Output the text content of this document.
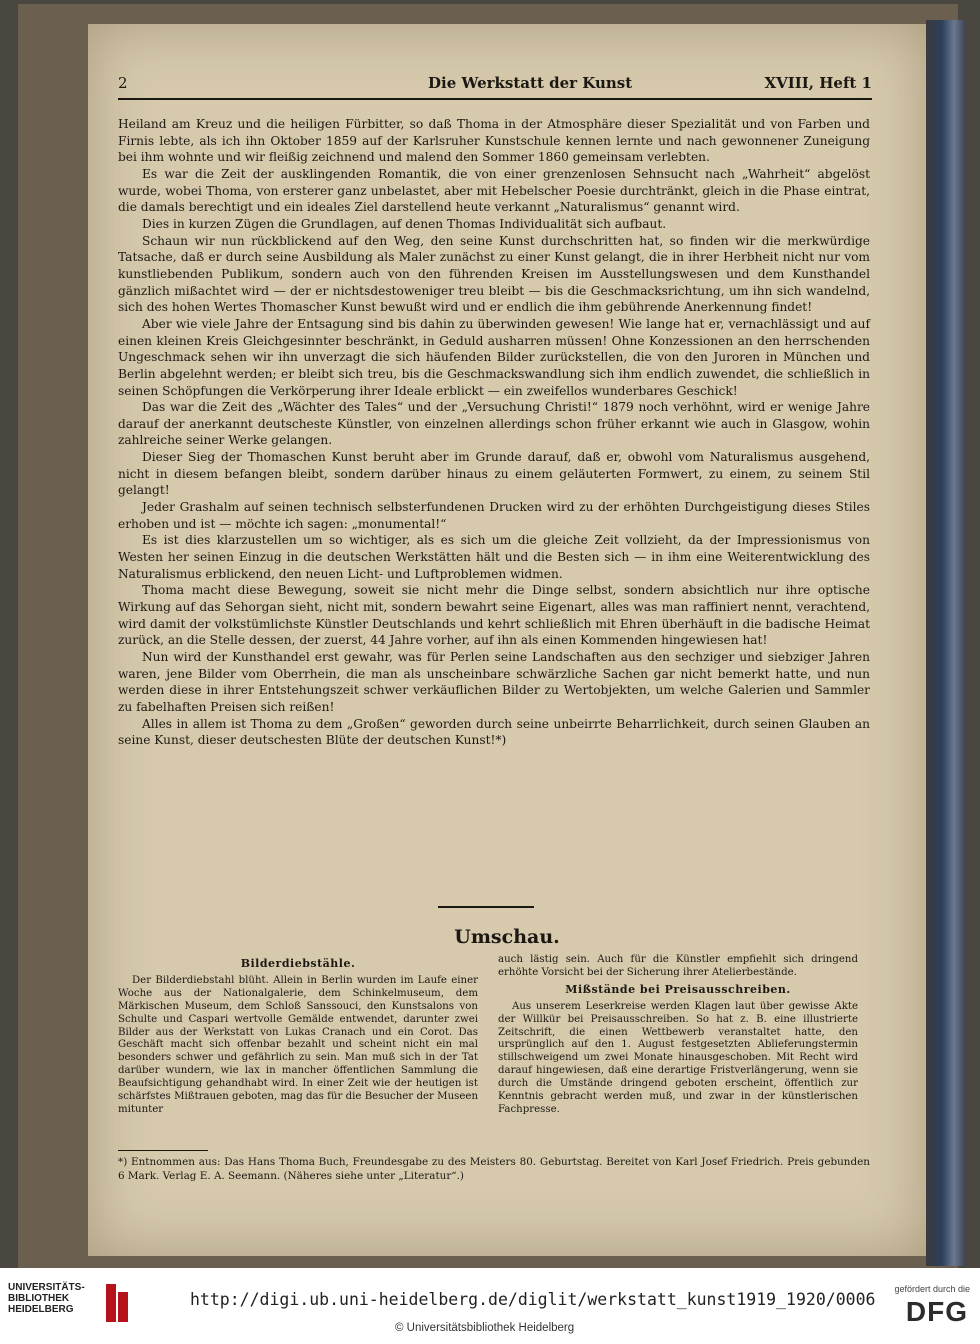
2	Die Werkstatt der Kunst	XVIII, Heft 1

Heiland am Kreuz und die heiligen Fürbitter, so daß Thoma in der Atmosphäre dieser Spezialität und von Farben und Firnis lebte, als ich ihn Oktober 1859 auf der Karlsruher Kunstschule kennen lernte und nach gewonnener Zuneigung bei ihm wohnte und wir fleißig zeichnend und malend den Sommer 1860 gemeinsam verlebten.

Es war die Zeit der ausklingenden Romantik, die von einer grenzenlosen Sehnsucht nach „Wahrheit“ abgelöst wurde, wobei Thoma, von ersterer ganz unbelastet, aber mit Hebelscher Poesie durchtränkt, gleich in die Phase eintrat, die damals berechtigt und ein ideales Ziel darstellend heute verkannt „Naturalismus“ genannt wird.

Dies in kurzen Zügen die Grundlagen, auf denen Thomas Individualität sich aufbaut.

Schaun wir nun rückblickend auf den Weg, den seine Kunst durchschritten hat, so finden wir die merkwürdige Tatsache, daß er durch seine Ausbildung als Maler zunächst zu einer Kunst gelangt, die in ihrer Herbheit nicht nur vom kunstliebenden Publikum, sondern auch von den führenden Kreisen im Ausstellungswesen und dem Kunsthandel gänzlich mißachtet wird — der er nichtsdestoweniger treu bleibt — bis die Geschmacksrichtung, um ihn sich wandelnd, sich des hohen Wertes Thomascher Kunst bewußt wird und er endlich die ihm gebührende Anerkennung findet!

Aber wie viele Jahre der Entsagung sind bis dahin zu überwinden gewesen! Wie lange hat er, vernachlässigt und auf einen kleinen Kreis Gleichgesinnter beschränkt, in Geduld ausharren müssen! Ohne Konzessionen an den herrschenden Ungeschmack sehen wir ihn unverzagt die sich häufenden Bilder zurückstellen, die von den Juroren in München und Berlin abgelehnt werden; er bleibt sich treu, bis die Geschmackswandlung sich ihm endlich zuwendet, die schließlich in seinen Schöpfungen die Verkörperung ihrer Ideale erblickt — ein zweifellos wunderbares Geschick!

Das war die Zeit des „Wächter des Tales“ und der „Versuchung Christi!“ 1879 noch verhöhnt, wird er wenige Jahre darauf der anerkannt deutscheste Künstler, von einzelnen allerdings schon früher erkannt wie auch in Glasgow, wohin zahlreiche seiner Werke gelangen.

Dieser Sieg der Thomaschen Kunst beruht aber im Grunde darauf, daß er, obwohl vom Naturalismus ausgehend, nicht in diesem befangen bleibt, sondern darüber hinaus zu einem geläuterten Formwert, zu einem, zu seinem Stil gelangt!

Jeder Grashalm auf seinen technisch selbsterfundenen Drucken wird zu der erhöhten Durchgeistigung dieses Stiles erhoben und ist — möchte ich sagen: „monumental!“

Es ist dies klarzustellen um so wichtiger, als es sich um die gleiche Zeit vollzieht, da der Impressionismus von Westen her seinen Einzug in die deutschen Werkstätten hält und die Besten sich — in ihm eine Weiterentwicklung des Naturalismus erblickend, den neuen Licht- und Luftproblemen widmen.

Thoma macht diese Bewegung, soweit sie nicht mehr die Dinge selbst, sondern absichtlich nur ihre optische Wirkung auf das Sehorgan sieht, nicht mit, sondern bewahrt seine Eigenart, alles was man raffiniert nennt, verachtend, wird damit der volkstümlichste Künstler Deutschlands und kehrt schließlich mit Ehren überhäuft in die badische Heimat zurück, an die Stelle dessen, der zuerst, 44 Jahre vorher, auf ihn als einen Kommenden hingewiesen hat!

Nun wird der Kunsthandel erst gewahr, was für Perlen seine Landschaften aus den sechziger und siebziger Jahren waren, jene Bilder vom Oberrhein, die man als unscheinbare schwärzliche Sachen gar nicht bemerkt hatte, und nun werden diese in ihrer Entstehungszeit schwer verkäuflichen Bilder zu Wertobjekten, um welche Galerien und Sammler zu fabelhaften Preisen sich reißen!

Alles in allem ist Thoma zu dem „Großen“ geworden durch seine unbeirrte Beharrlichkeit, durch seinen Glauben an seine Kunst, dieser deutschesten Blüte der deutschen Kunst!*)

Umschau.
Bilderdiebstähle.

Der Bilderdiebstahl blüht. Allein in Berlin wurden im Laufe einer Woche aus der Nationalgalerie, dem Schinkelmuseum, dem Märkischen Museum, dem Schloß Sanssouci, den Kunstsalons von Schulte und Caspari wertvolle Gemälde entwendet, darunter zwei Bilder aus der Werkstatt von Lukas Cranach und ein Corot. Das Geschäft macht sich offenbar bezahlt und scheint nicht ein mal besonders schwer und gefährlich zu sein. Man muß sich in der Tat darüber wundern, wie lax in mancher öffentlichen Sammlung die Beaufsichtigung gehandhabt wird. In einer Zeit wie der heutigen ist schärfstes Mißtrauen geboten, mag das für die Besucher der Museen mitunter

auch lästig sein. Auch für die Künstler empfiehlt sich dringend erhöhte Vorsicht bei der Sicherung ihrer Atelierbestände.

Mißstände bei Preisausschreiben.

Aus unserem Leserkreise werden Klagen laut über gewisse Akte der Willkür bei Preisausschreiben. So hat z. B. eine illustrierte Zeitschrift, die einen Wettbewerb veranstaltet hatte, den ursprünglich auf den 1. August festgesetzten Ablieferungstermin stillschweigend um zwei Monate hinausgeschoben. Mit Recht wird darauf hingewiesen, daß eine derartige Fristverlängerung, wenn sie durch die Umstände dringend geboten erscheint, öffentlich zur Kenntnis gebracht werden muß, und zwar in der künstlerischen Fachpresse.

*) Entnommen aus: Das Hans Thoma Buch, Freundesgabe zu des Meisters 80. Geburtstag. Bereitet von Karl Josef Friedrich. Preis gebunden 6 Mark. Verlag E. A. Seemann. (Näheres siehe unter „Literatur“.)
UNIVERSITÄTS-
BIBLIOTHEK
HEIDELBERG
http://digi.ub.uni-heidelberg.de/diglit/werkstatt_kunst1919_1920/0006
© Universitätsbibliothek Heidelberg
gefördert durch die
DFG
